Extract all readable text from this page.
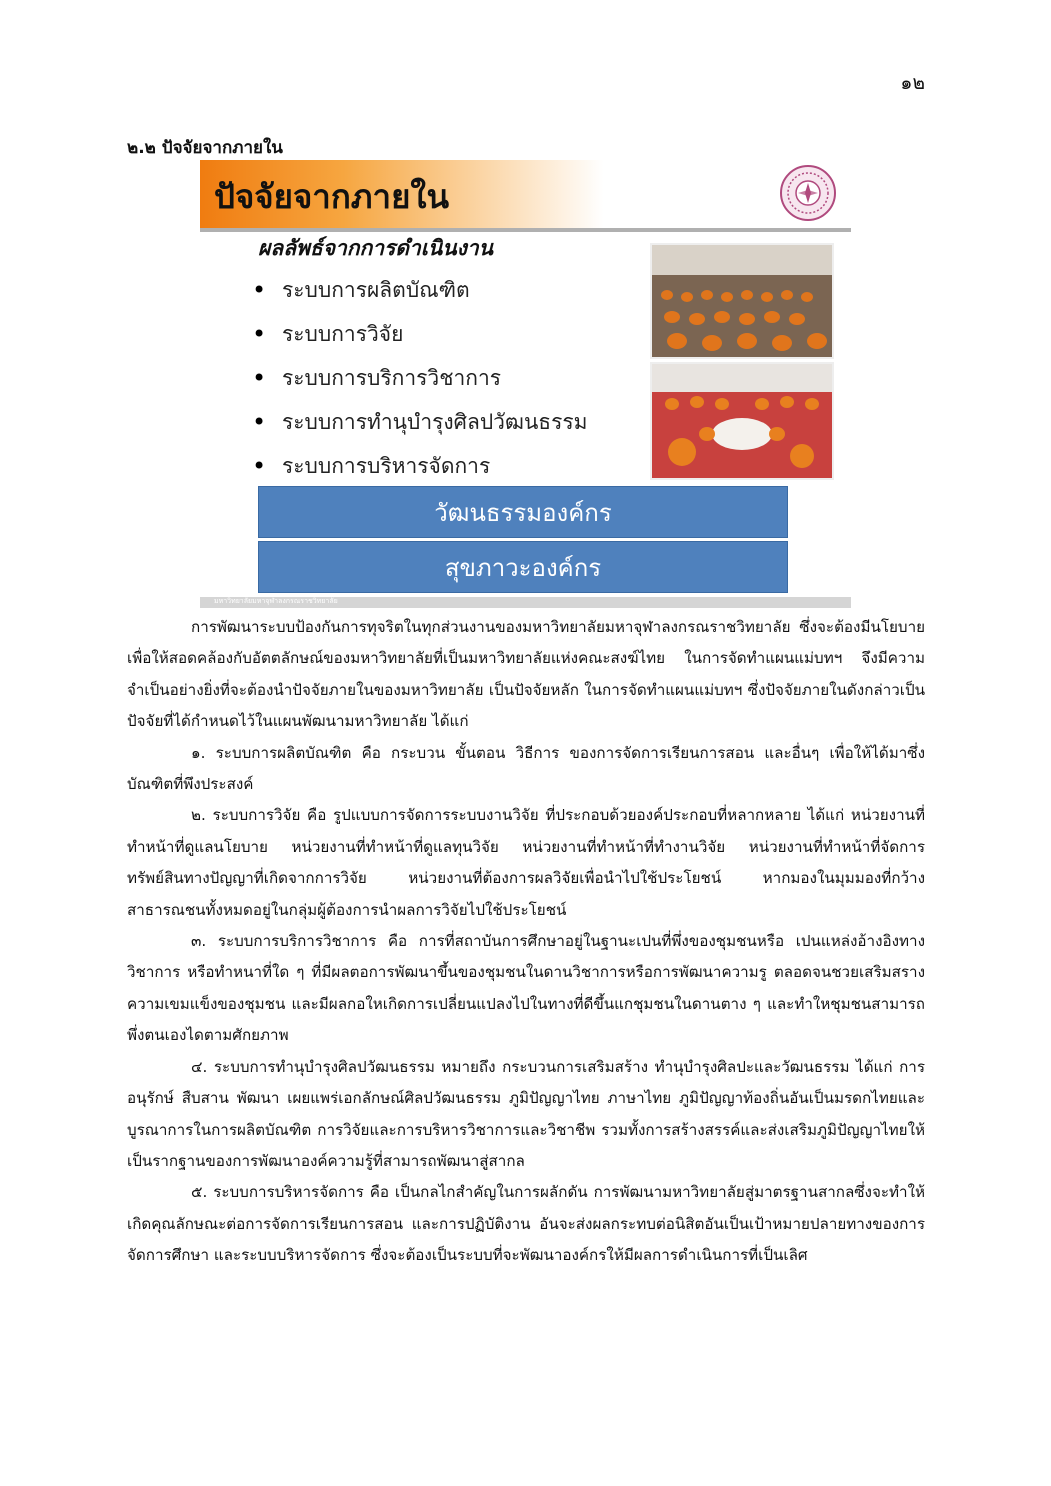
๑๒
๒.๒ ปัจจัยจากภายใน
ปัจจัยจากภายใน
ผลลัพธ์จากการดำเนินงาน
• ระบบการผลิตบัณฑิต
• ระบบการวิจัย
• ระบบการบริการวิชาการ
• ระบบการทำนุบำรุงศิลปวัฒนธรรม
• ระบบการบริหารจัดการ
วัฒนธรรมองค์กร
สุขภาวะองค์กร
มหาวิทยาลัยมหาจุฬาลงกรณราชวิทยาลัย

การพัฒนาระบบป้องกันการทุจริตในทุกส่วนงานของมหาวิทยาลัยมหาจุฬาลงกรณราชวิทยาลัย ซึ่งจะต้องมีนโยบายเพื่อให้สอดคล้องกับอัตตลักษณ์ของมหาวิทยาลัยที่เป็นมหาวิทยาลัยแห่งคณะสงฆ์ไทย ในการจัดทำแผนแม่บทฯ จึงมีความจำเป็นอย่างยิ่งที่จะต้องนำปัจจัยภายในของมหาวิทยาลัย เป็นปัจจัยหลัก ในการจัดทำแผนแม่บทฯ ซึ่งปัจจัยภายในดังกล่าวเป็นปัจจัยที่ได้กำหนดไว้ในแผนพัฒนามหาวิทยาลัย ได้แก่

๑. ระบบการผลิตบัณฑิต คือ กระบวน ขั้นตอน วิธีการ ของการจัดการเรียนการสอน และอื่นๆ เพื่อให้ได้มาซึ่งบัณฑิตที่พึงประสงค์

๒. ระบบการวิจัย คือ รูปแบบการจัดการระบบงานวิจัย ที่ประกอบด้วยองค์ประกอบที่หลากหลาย ได้แก่ หน่วยงานที่ทำหน้าที่ดูแลนโยบาย หน่วยงานที่ทำหน้าที่ดูแลทุนวิจัย หน่วยงานที่ทำหน้าที่ทำงานวิจัย หน่วยงานที่ทำหน้าที่จัดการทรัพย์สินทางปัญญาที่เกิดจากการวิจัย หน่วยงานที่ต้องการผลวิจัยเพื่อนำไปใช้ประโยชน์ หากมองในมุมมองที่กว้าง สาธารณชนทั้งหมดอยู่ในกลุ่มผู้ต้องการนำผลการวิจัยไปใช้ประโยชน์

๓. ระบบการบริการวิชาการ คือ การที่สถาบันการศึกษาอยู่ในฐานะเปนที่พึ่งของชุมชนหรือ เปนแหล่งอ้างอิงทางวิชาการ หรือทำหนาที่ใด ๆ ที่มีผลตอการพัฒนาขึ้นของชุมชนในดานวิชาการหรือการพัฒนาความรู ตลอดจนชวยเสริมสรางความเขมแข็งของชุมชน และมีผลกอใหเกิดการเปลี่ยนแปลงไปในทางที่ดีขึ้นแกชุมชนในดานตาง ๆ และทำใหชุมชนสามารถพึ่งตนเองไดตามศักยภาพ

๔. ระบบการทำนุบำรุงศิลปวัฒนธรรม หมายถึง กระบวนการเสริมสร้าง ทำนุบำรุงศิลปะและวัฒนธรรม ได้แก่ การอนุรักษ์ สืบสาน พัฒนา เผยแพร่เอกลักษณ์ศิลปวัฒนธรรม ภูมิปัญญาไทย ภาษาไทย ภูมิปัญญาท้องถิ่นอันเป็นมรดกไทยและบูรณาการในการผลิตบัณฑิต การวิจัยและการบริหารวิชาการและวิชาชีพ รวมทั้งการสร้างสรรค์และส่งเสริมภูมิปัญญาไทยให้เป็นรากฐานของการพัฒนาองค์ความรู้ที่สามารถพัฒนาสู่สากล

๕. ระบบการบริหารจัดการ คือ เป็นกลไกสำคัญในการผลักดัน การพัฒนามหาวิทยาลัยสู่มาตรฐานสากลซึ่งจะทำให้เกิดคุณลักษณะต่อการจัดการเรียนการสอน และการปฏิบัติงาน อันจะส่งผลกระทบต่อนิสิตอันเป็นเป้าหมายปลายทางของการจัดการศึกษา และระบบบริหารจัดการ ซึ่งจะต้องเป็นระบบที่จะพัฒนาองค์กรให้มีผลการดำเนินการที่เป็นเลิศ
